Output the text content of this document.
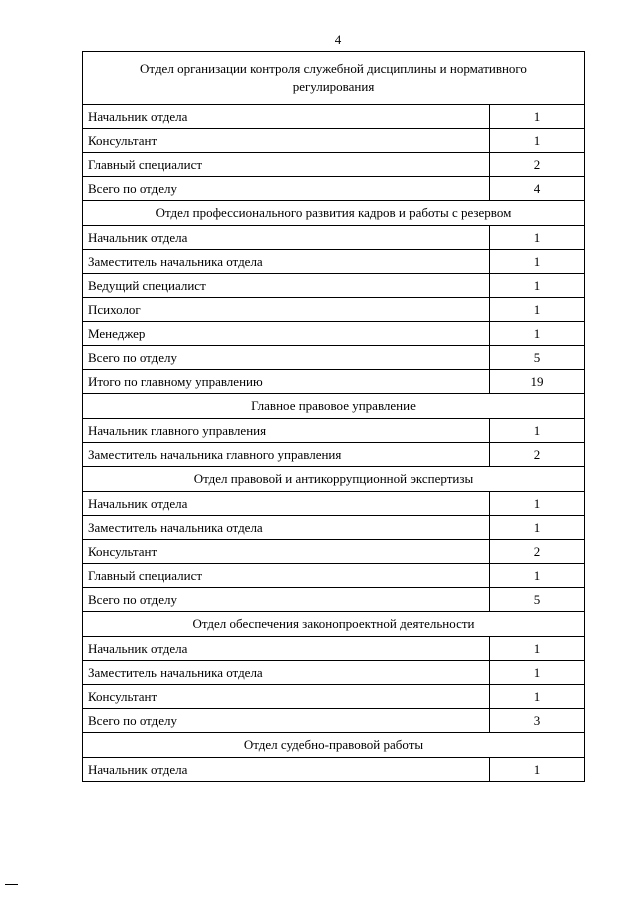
4
Отдел организации контроля служебной дисциплины и нормативного регулирования	
Начальник отдела	1
Консультант	1
Главный специалист	2
Всего по отделу	4
Отдел профессионального развития кадров и работы с резервом	
Начальник отдела	1
Заместитель начальника отдела	1
Ведущий специалист	1
Психолог	1
Менеджер	1
Всего по отделу	5
Итого по главному управлению	19
Главное правовое управление	
Начальник главного управления	1
Заместитель начальника главного управления	2
Отдел правовой и антикоррупционной экспертизы	
Начальник отдела	1
Заместитель начальника отдела	1
Консультант	2
Главный специалист	1
Всего по отделу	5
Отдел обеспечения законопроектной деятельности	
Начальник отдела	1
Заместитель начальника отдела	1
Консультант	1
Всего по отделу	3
Отдел судебно-правовой работы	
Начальник отдела	1
